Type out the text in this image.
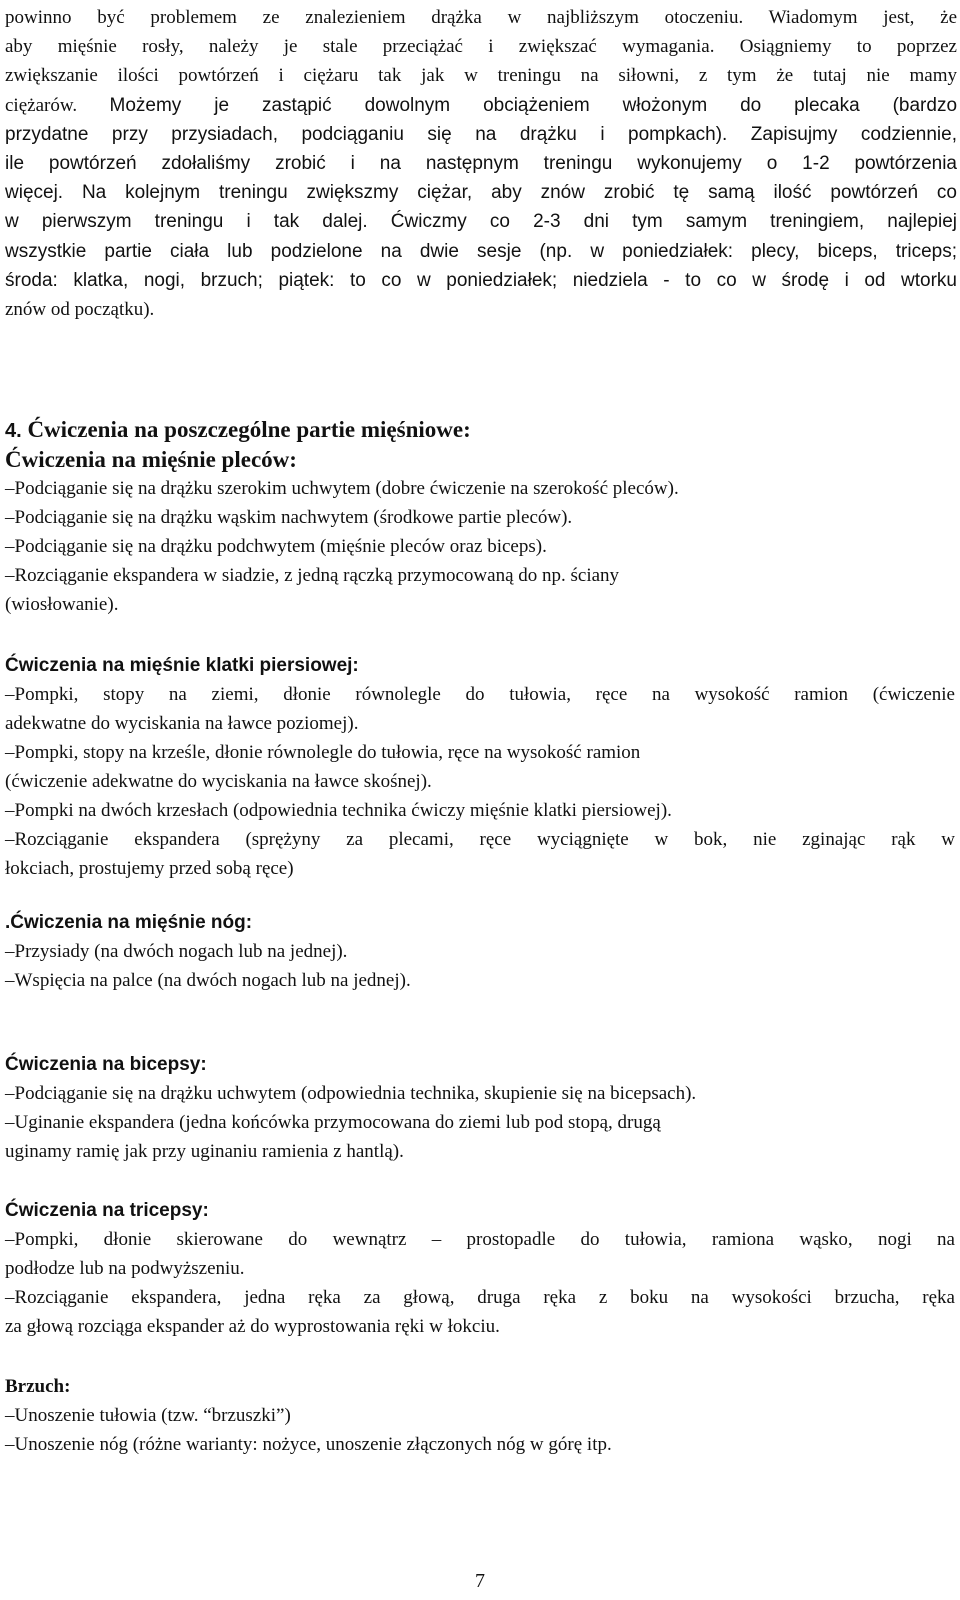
powinno być problemem ze znalezieniem drążka w najbliższym otoczeniu. Wiadomym jest, że
aby mięśnie rosły, należy je stale przeciążać i zwiększać wymagania. Osiągniemy to poprzez
zwiększanie ilości powtórzeń i ciężaru tak jak w treningu na siłowni, z tym że tutaj nie mamy
ciężarów. Możemy je zastąpić dowolnym obciążeniem włożonym do plecaka (bardzo
przydatne przy przysiadach, podciąganiu się na drążku i pompkach). Zapisujmy codziennie,
ile powtórzeń zdołaliśmy zrobić i na następnym treningu wykonujemy o 1-2 powtórzenia
więcej. Na kolejnym treningu zwiększmy ciężar, aby znów zrobić tę samą ilość powtórzeń co
w pierwszym treningu i tak dalej. Ćwiczmy co 2-3 dni tym samym treningiem, najlepiej
wszystkie partie ciała lub podzielone na dwie sesje (np. w poniedziałek: plecy, biceps, triceps;
środa: klatka, nogi, brzuch; piątek: to co w poniedziałek; niedziela - to co w środę i od wtorku
znów od początku).
4. Ćwiczenia na poszczególne partie mięśniowe:
Ćwiczenia na mięśnie pleców:
–Podciąganie się na drążku szerokim uchwytem (dobre ćwiczenie na szerokość pleców).
–Podciąganie się na drążku wąskim nachwytem (środkowe partie pleców).
–Podciąganie się na drążku podchwytem (mięśnie pleców oraz biceps).
–Rozciąganie ekspandera w siadzie, z jedną rączką przymocowaną do np. ściany
(wiosłowanie).
Ćwiczenia na mięśnie klatki piersiowej:
–Pompki, stopy na ziemi, dłonie równolegle do tułowia, ręce na wysokość ramion (ćwiczenie
adekwatne do wyciskania na ławce poziomej).
–Pompki, stopy na krześle, dłonie równolegle do tułowia, ręce na wysokość ramion
(ćwiczenie adekwatne do wyciskania na ławce skośnej).
–Pompki na dwóch krzesłach (odpowiednia technika ćwiczy mięśnie klatki piersiowej).
–Rozciąganie ekspandera (sprężyny za plecami, ręce wyciągnięte w bok, nie zginając rąk w
łokciach, prostujemy przed sobą ręce)
.Ćwiczenia na mięśnie nóg:
–Przysiady (na dwóch nogach lub na jednej).
–Wspięcia na palce (na dwóch nogach lub na jednej).
Ćwiczenia na bicepsy:
–Podciąganie się na drążku uchwytem (odpowiednia technika, skupienie się na bicepsach).
–Uginanie ekspandera (jedna końcówka przymocowana do ziemi lub pod stopą, drugą
uginamy ramię jak przy uginaniu ramienia z hantlą).
Ćwiczenia na tricepsy:
–Pompki, dłonie skierowane do wewnątrz – prostopadle do tułowia, ramiona wąsko, nogi na
podłodze lub na podwyższeniu.
–Rozciąganie ekspandera, jedna ręka za głową, druga ręka z boku na wysokości brzucha, ręka
za głową rozciąga ekspander aż do wyprostowania ręki w łokciu.
Brzuch:
–Unoszenie tułowia (tzw. “brzuszki”)
–Unoszenie nóg (różne warianty: nożyce, unoszenie złączonych nóg w górę itp.
7
